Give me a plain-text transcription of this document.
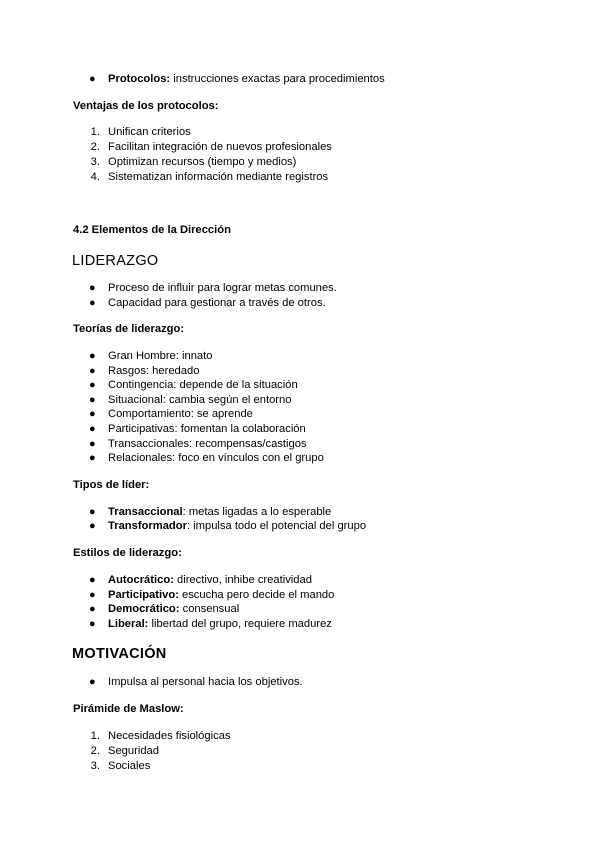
● Protocolos: instrucciones exactas para procedimientos
Ventajas de los protocolos:
1. Unifican criterios
2. Facilitan integración de nuevos profesionales
3. Optimizan recursos (tiempo y medios)
4. Sistematizan información mediante registros
4.2 Elementos de la Dirección
LIDERAZGO
● Proceso de influir para lograr metas comunes.
● Capacidad para gestionar a través de otros.
Teorías de liderazgo:
● Gran Hombre: innato
● Rasgos: heredado
● Contingencia: depende de la situación
● Situacional: cambia según el entorno
● Comportamiento: se aprende
● Participativas: fomentan la colaboración
● Transaccionales: recompensas/castigos
● Relacionales: foco en vínculos con el grupo
Tipos de líder:
● Transaccional: metas ligadas a lo esperable
● Transformador: impulsa todo el potencial del grupo
Estilos de liderazgo:
● Autocrático: directivo, inhibe creatividad
● Participativo: escucha pero decide el mando
● Democrático: consensual
● Liberal: libertad del grupo, requiere madurez
MOTIVACIÓN
● Impulsa al personal hacia los objetivos.
Pirámide de Maslow:
1. Necesidades fisiológicas
2. Seguridad
3. Sociales
